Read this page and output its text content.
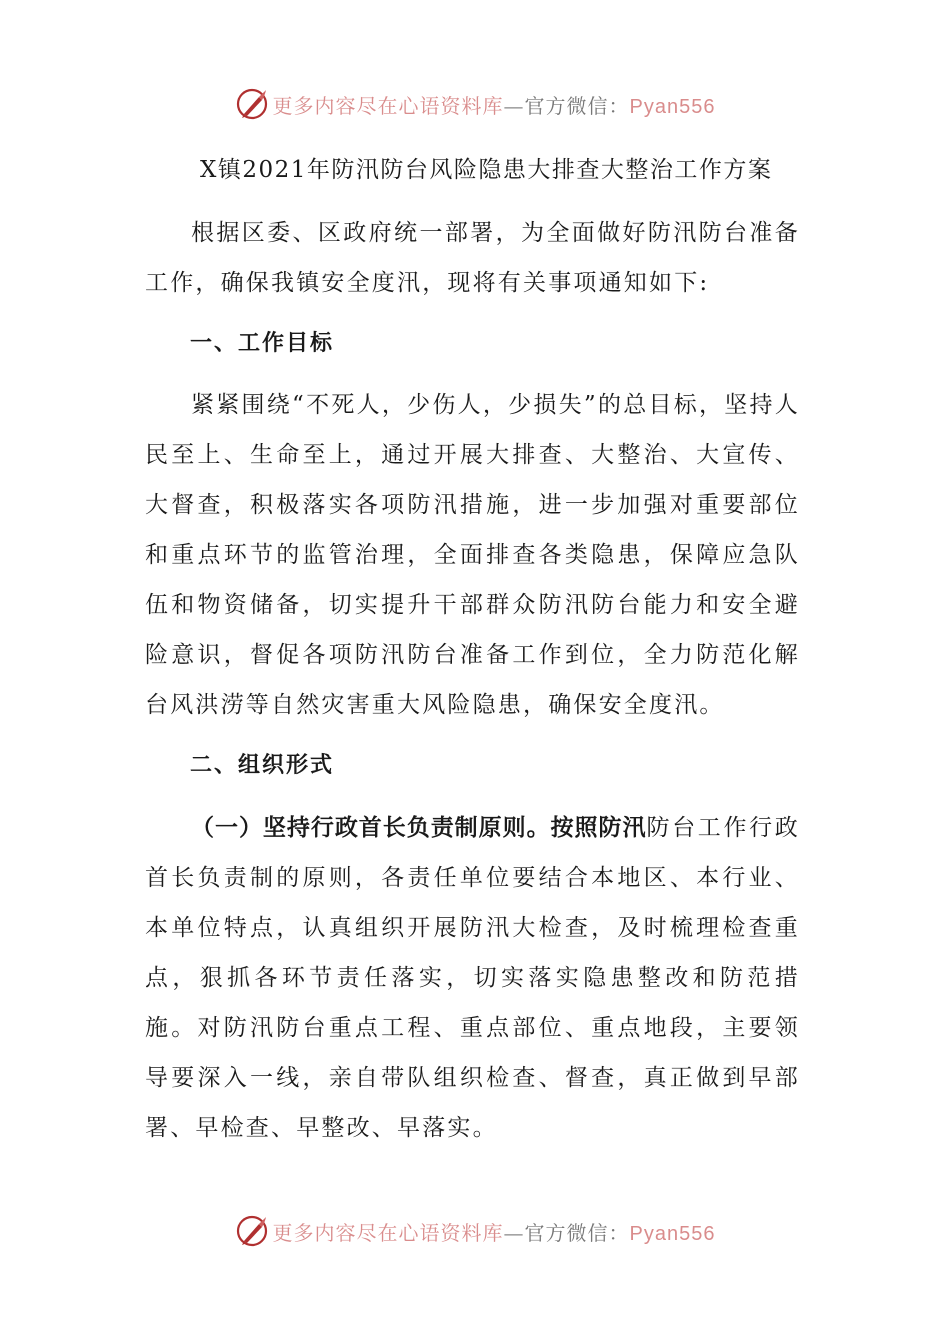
更多内容尽在心语资料库—官方微信：Pyan556
X镇2021年防汛防台风险隐患大排查大整治工作方案

根据区委、区政府统一部署，为全面做好防汛防台准备工作，确保我镇安全度汛，现将有关事项通知如下:

一、工作目标

紧紧围绕“不死人，少伤人，少损失”的总目标，坚持人民至上、生命至上，通过开展大排查、大整治、大宣传、大督查，积极落实各项防汛措施，进一步加强对重要部位和重点环节的监管治理，全面排查各类隐患，保障应急队伍和物资储备，切实提升干部群众防汛防台能力和安全避险意识，督促各项防汛防台准备工作到位，全力防范化解台风洪涝等自然灾害重大风险隐患，确保安全度汛。

二、组织形式

（一）坚持行政首长负责制原则。按照防汛防台工作行政首长负责制的原则，各责任单位要结合本地区、本行业、本单位特点，认真组织开展防汛大检查，及时梳理检查重点，狠抓各环节责任落实，切实落实隐患整改和防范措施。对防汛防台重点工程、重点部位、重点地段，主要领导要深入一线，亲自带队组织检查、督查，真正做到早部署、早检查、早整改、早落实。

更多内容尽在心语资料库—官方微信：Pyan556
